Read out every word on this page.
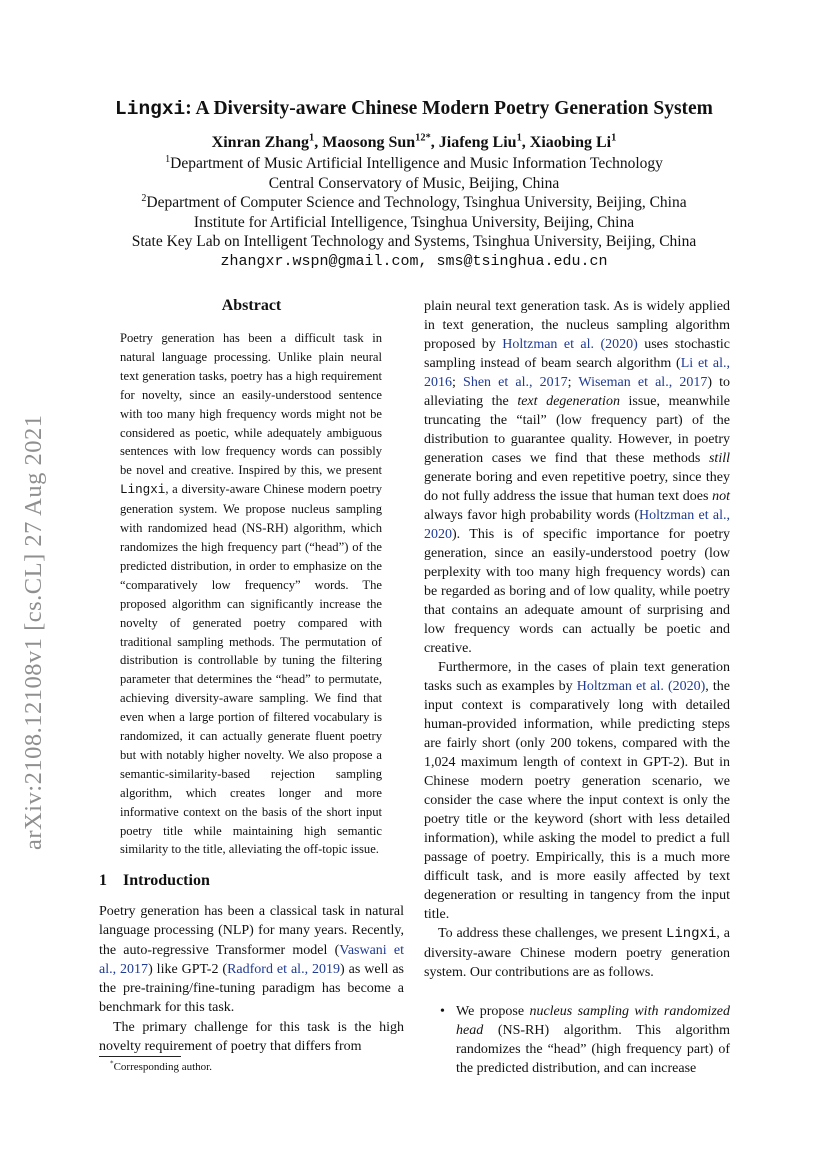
arXiv:2108.12108v1 [cs.CL] 27 Aug 2021
Lingxi: A Diversity-aware Chinese Modern Poetry Generation System
Xinran Zhang$^1$, Maosong Sun$^{12*}$, Jiafeng Liu$^1$, Xiaobing Li$^1$
$^1$Department of Music Artificial Intelligence and Music Information Technology
Central Conservatory of Music, Beijing, China
$^2$Department of Computer Science and Technology, Tsinghua University, Beijing, China
Institute for Artificial Intelligence, Tsinghua University, Beijing, China
State Key Lab on Intelligent Technology and Systems, Tsinghua University, Beijing, China
zhangxr.wspn@gmail.com, sms@tsinghua.edu.cn
Abstract
Poetry generation has been a difficult task in natural language processing. Unlike plain neural text generation tasks, poetry has a high requirement for novelty, since an easily-understood sentence with too many high frequency words might not be considered as poetic, while adequately ambiguous sentences with low frequency words can possibly be novel and creative. Inspired by this, we present Lingxi, a diversity-aware Chinese modern poetry generation system. We propose nucleus sampling with randomized head (NS-RH) algorithm, which randomizes the high frequency part (“head”) of the predicted distribution, in order to emphasize on the “comparatively low frequency” words. The proposed algorithm can significantly increase the novelty of generated poetry compared with traditional sampling methods. The permutation of distribution is controllable by tuning the filtering parameter that determines the “head” to permutate, achieving diversity-aware sampling. We find that even when a large portion of filtered vocabulary is randomized, it can actually generate fluent poetry but with notably higher novelty. We also propose a semantic-similarity-based rejection sampling algorithm, which creates longer and more informative context on the basis of the short input poetry title while maintaining high semantic similarity to the title, alleviating the off-topic issue.
1 Introduction

Poetry generation has been a classical task in natural language processing (NLP) for many years. Recently, the auto-regressive Transformer model (Vaswani et al., 2017) like GPT-2 (Radford et al., 2019) as well as the pre-training/fine-tuning paradigm has become a benchmark for this task.

The primary challenge for this task is the high novelty requirement of poetry that differs from

*Corresponding author.

plain neural text generation task. As is widely applied in text generation, the nucleus sampling algorithm proposed by Holtzman et al. (2020) uses stochastic sampling instead of beam search algorithm (Li et al., 2016; Shen et al., 2017; Wiseman et al., 2017) to alleviating the text degeneration issue, meanwhile truncating the “tail” (low frequency part) of the distribution to guarantee quality. However, in poetry generation cases we find that these methods still generate boring and even repetitive poetry, since they do not fully address the issue that human text does not always favor high probability words (Holtzman et al., 2020). This is of specific importance for poetry generation, since an easily-understood poetry (low perplexity with too many high frequency words) can be regarded as boring and of low quality, while poetry that contains an adequate amount of surprising and low frequency words can actually be poetic and creative.

Furthermore, in the cases of plain text generation tasks such as examples by Holtzman et al. (2020), the input context is comparatively long with detailed human-provided information, while predicting steps are fairly short (only 200 tokens, compared with the 1,024 maximum length of context in GPT-2). But in Chinese modern poetry generation scenario, we consider the case where the input context is only the poetry title or the keyword (short with less detailed information), while asking the model to predict a full passage of poetry. Empirically, this is a much more difficult task, and is more easily affected by text degeneration or resulting in tangency from the input title.

To address these challenges, we present Lingxi, a diversity-aware Chinese modern poetry generation system. Our contributions are as follows.

• We propose nucleus sampling with randomized head (NS-RH) algorithm. This algorithm randomizes the “head” (high frequency part) of the predicted distribution, and can increase
